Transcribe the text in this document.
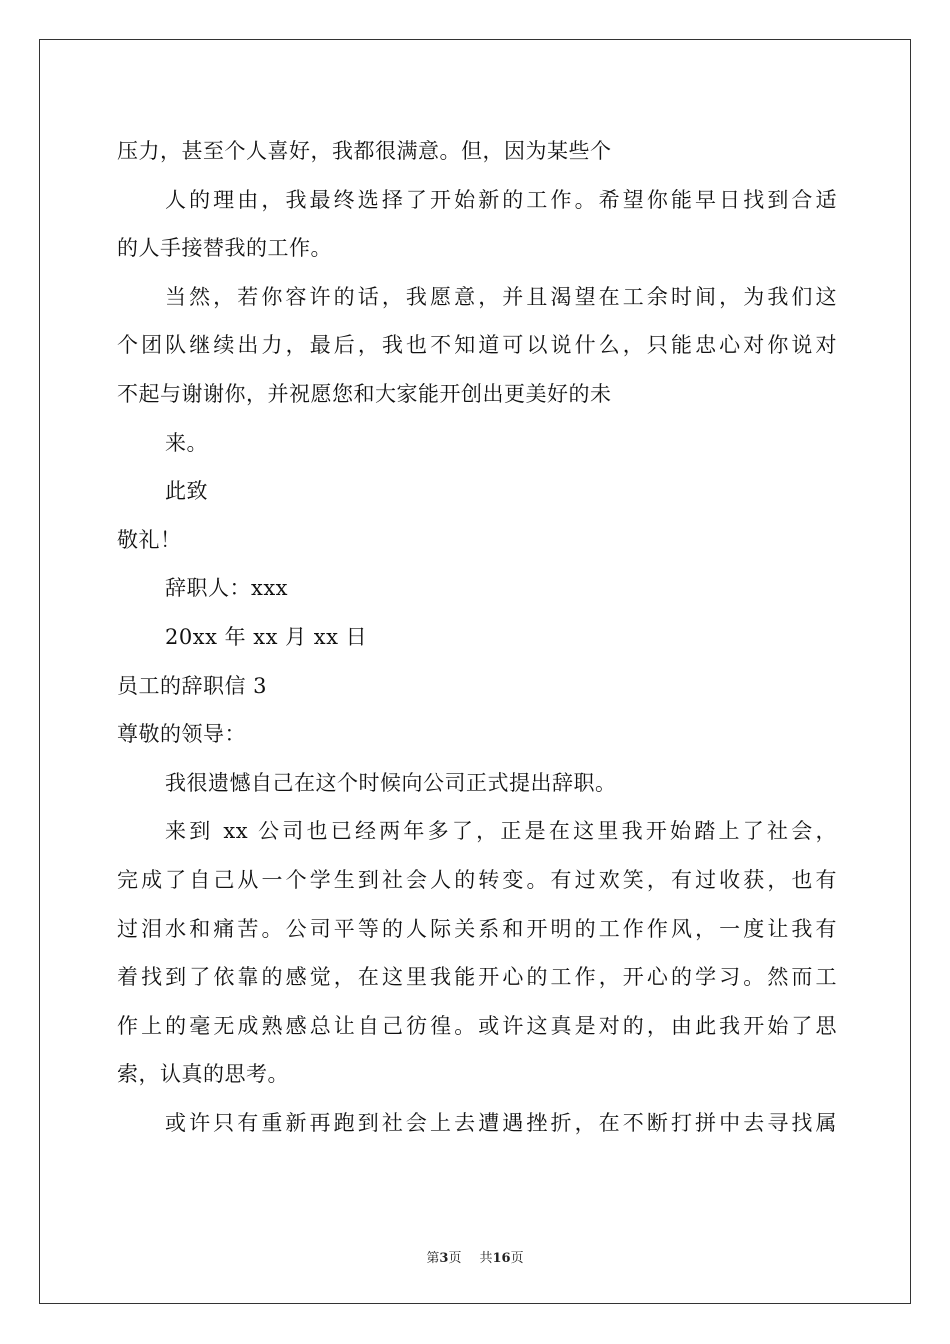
压力，甚至个人喜好，我都很满意。但，因为某些个
人的理由，我最终选择了开始新的工作。希望你能早日找到合适
的人手接替我的工作。
当然，若你容许的话，我愿意，并且渴望在工余时间，为我们这
个团队继续出力，最后，我也不知道可以说什么，只能忠心对你说对
不起与谢谢你，并祝愿您和大家能开创出更美好的未
来。
此致
敬礼！
辞职人：xxx
20xx 年 xx 月 xx 日
员工的辞职信 3
尊敬的领导：
我很遗憾自己在这个时候向公司正式提出辞职。
来到 xx 公司也已经两年多了，正是在这里我开始踏上了社会，
完成了自己从一个学生到社会人的转变。有过欢笑，有过收获，也有
过泪水和痛苦。公司平等的人际关系和开明的工作作风，一度让我有
着找到了依靠的感觉，在这里我能开心的工作，开心的学习。然而工
作上的毫无成熟感总让自己彷徨。或许这真是对的，由此我开始了思
索，认真的思考。
或许只有重新再跑到社会上去遭遇挫折，在不断打拼中去寻找属
第3页 共16页
